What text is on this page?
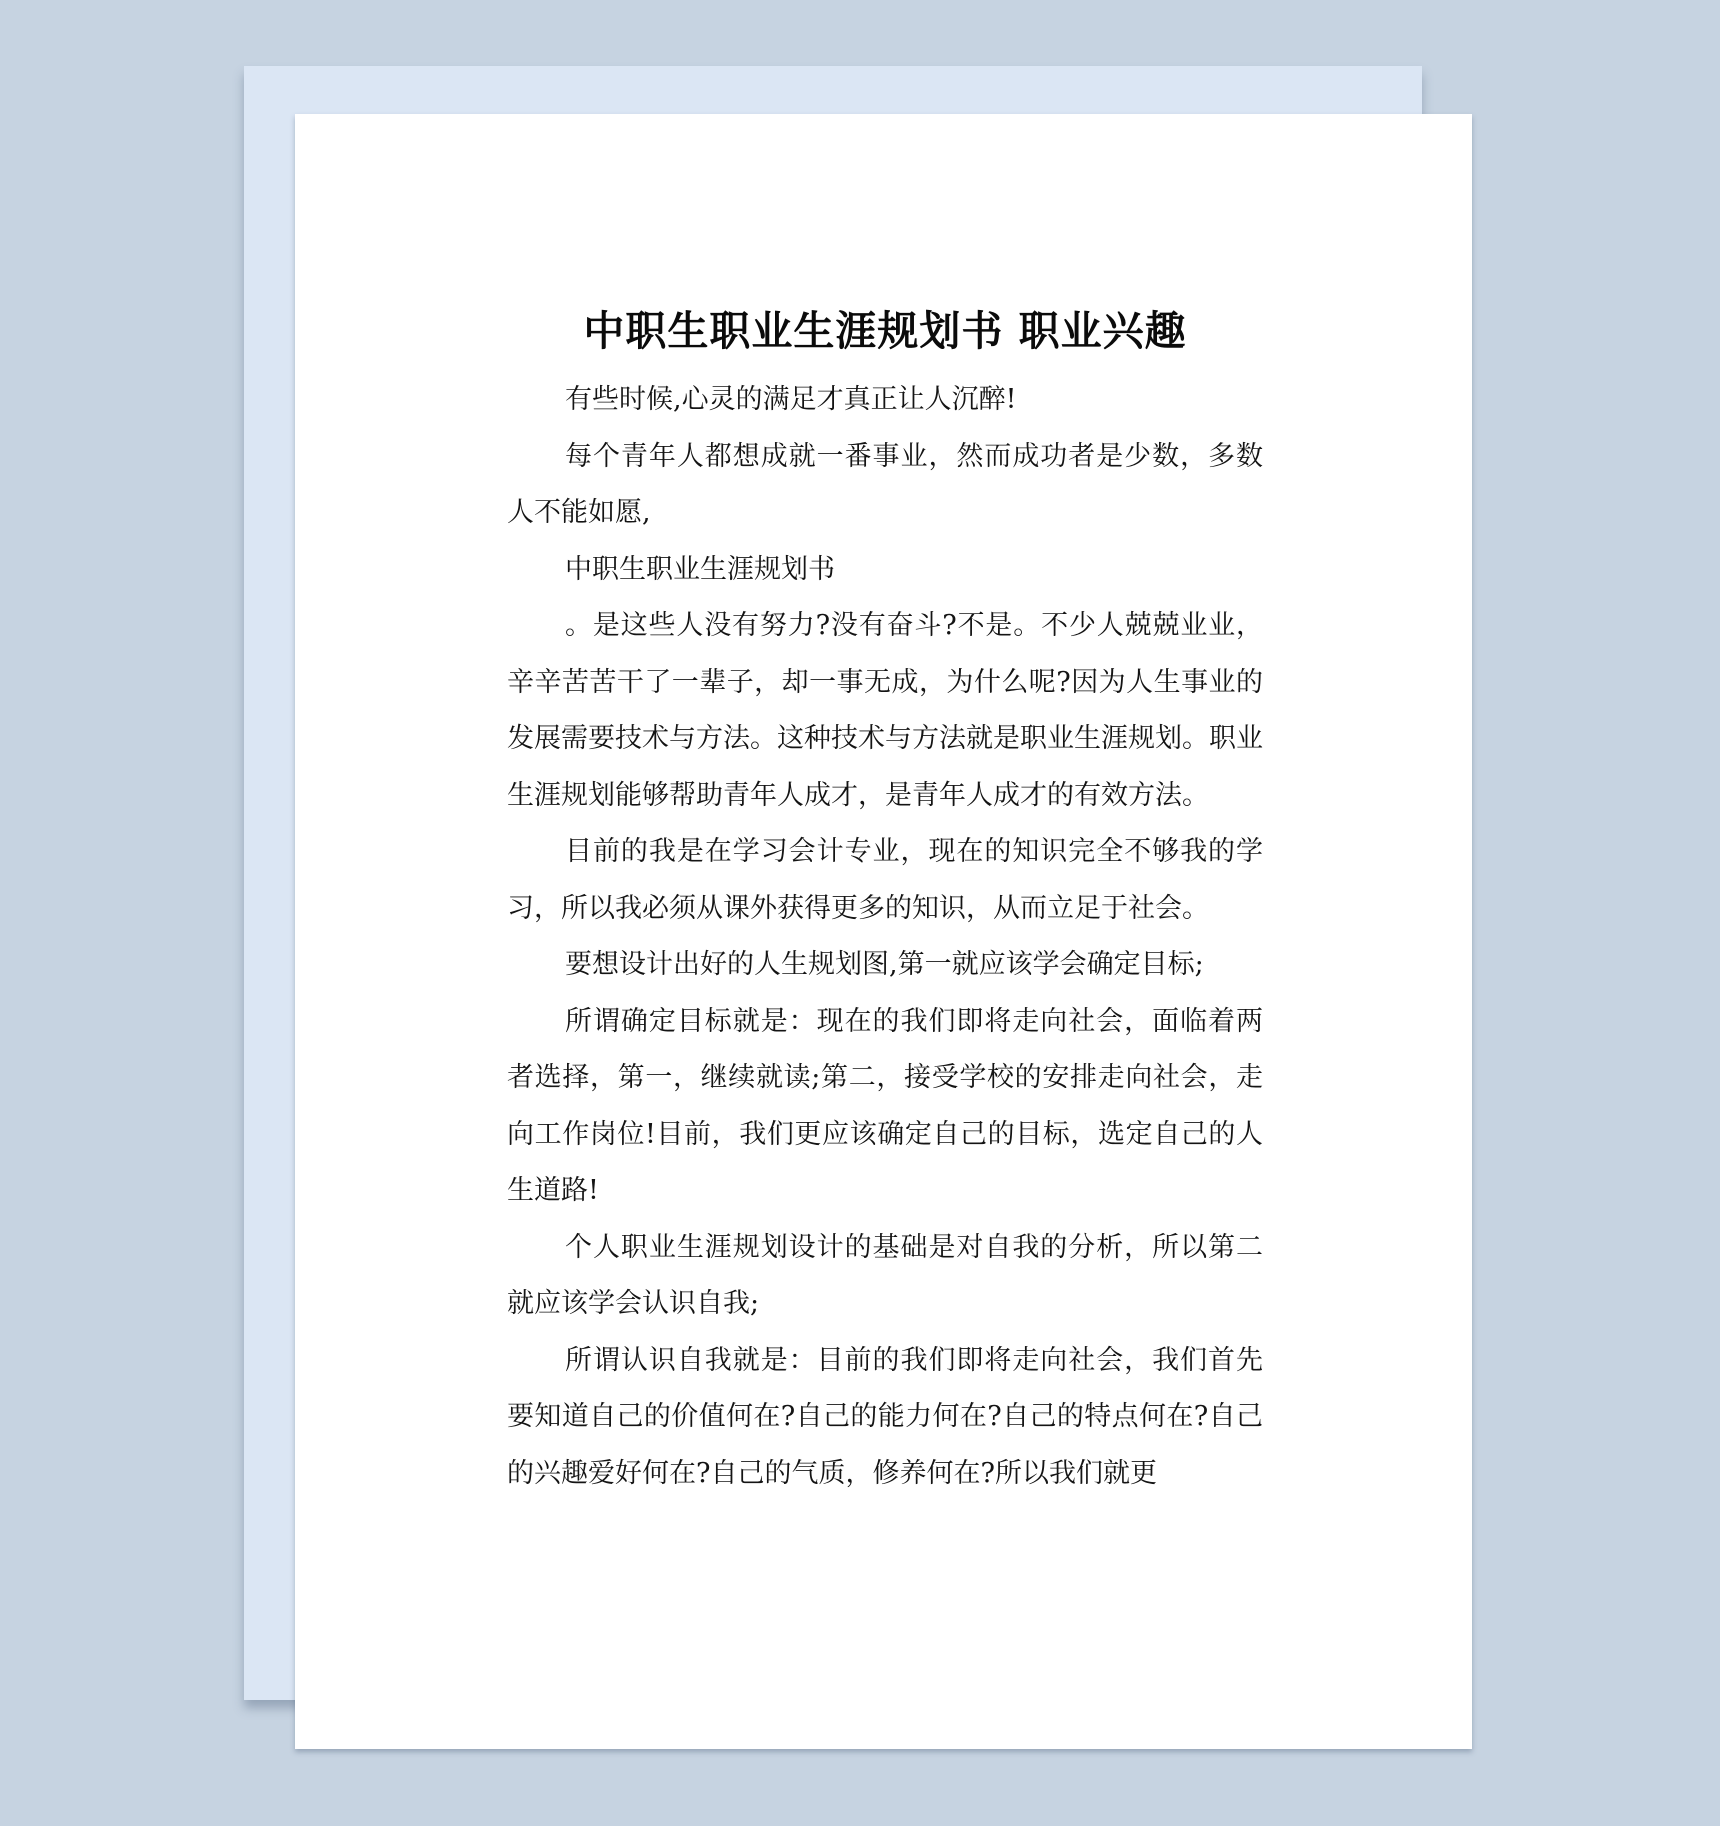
中职生职业生涯规划书 职业兴趣

有些时候,心灵的满足才真正让人沉醉!

每个青年人都想成就一番事业，然而成功者是少数，多数人不能如愿,

中职生职业生涯规划书

。是这些人没有努力?没有奋斗?不是。不少人兢兢业业，辛辛苦苦干了一辈子，却一事无成，为什么呢?因为人生事业的发展需要技术与方法。这种技术与方法就是职业生涯规划。职业生涯规划能够帮助青年人成才，是青年人成才的有效方法。

目前的我是在学习会计专业，现在的知识完全不够我的学习，所以我必须从课外获得更多的知识，从而立足于社会。

要想设计出好的人生规划图,第一就应该学会确定目标;

所谓确定目标就是：现在的我们即将走向社会，面临着两者选择，第一，继续就读;第二，接受学校的安排走向社会，走向工作岗位!目前，我们更应该确定自己的目标，选定自己的人生道路!

个人职业生涯规划设计的基础是对自我的分析，所以第二就应该学会认识自我;

所谓认识自我就是：目前的我们即将走向社会，我们首先要知道自己的价值何在?自己的能力何在?自己的特点何在?自己的兴趣爱好何在?自己的气质，修养何在?所以我们就更
